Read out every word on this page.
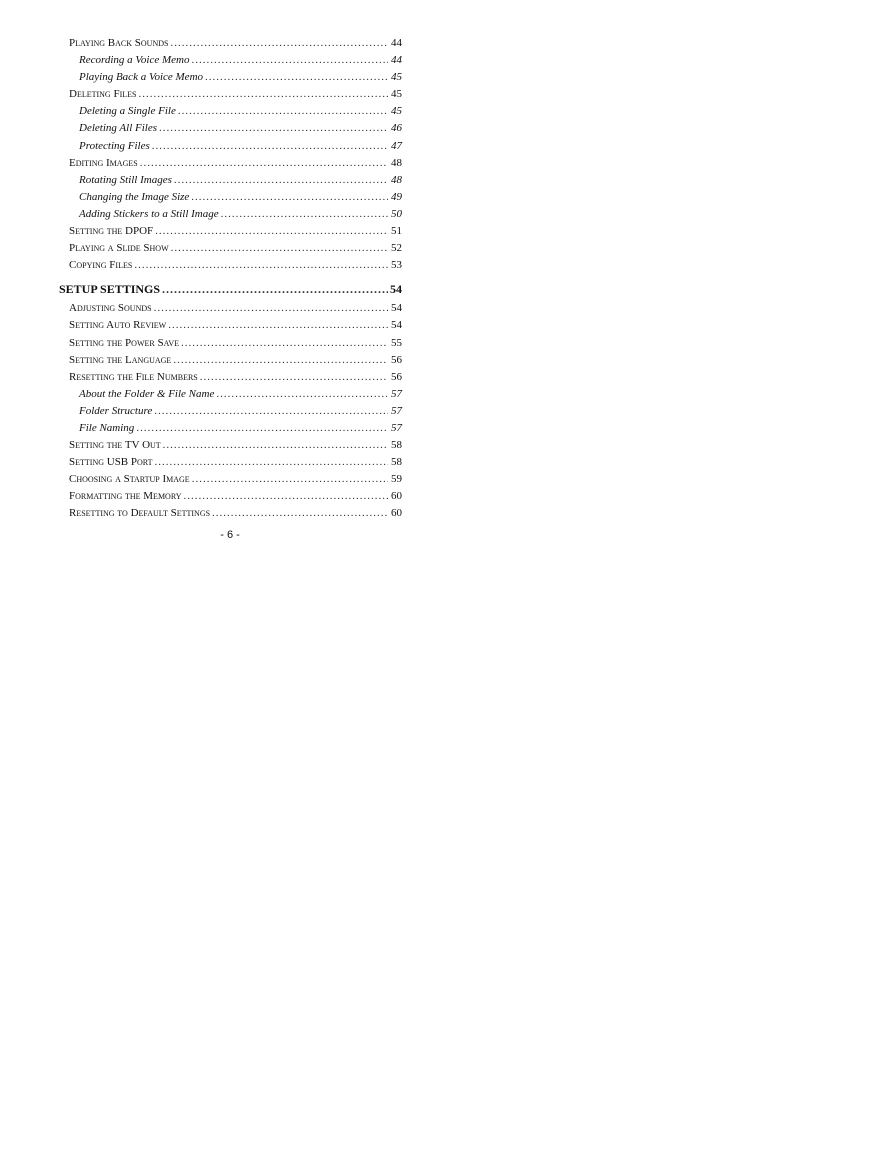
Playing Back Sounds .....	44
Recording a Voice Memo .....	44
Playing Back a Voice Memo .....	45
Deleting Files .....	45
Deleting a Single File .....	45
Deleting All Files .....	46
Protecting Files .....	47
Editing Images .....	48
Rotating Still Images .....	48
Changing the Image Size .....	49
Adding Stickers to a Still Image .....	50
Setting the DPOF .....	51
Playing a Slide Show .....	52
Copying Files .....	53
SETUP SETTINGS .....	54
Adjusting Sounds .....	54
Setting Auto Review .....	54
Setting the Power Save .....	55
Setting the Language .....	56
Resetting the File Numbers .....	56
About the Folder & File Name .....	57
Folder Structure .....	57
File Naming .....	57
Setting the TV Out .....	58
Setting USB Port .....	58
Choosing a Startup Image .....	59
Formatting the Memory .....	60
Resetting to Default Settings .....	60
- 6 -
